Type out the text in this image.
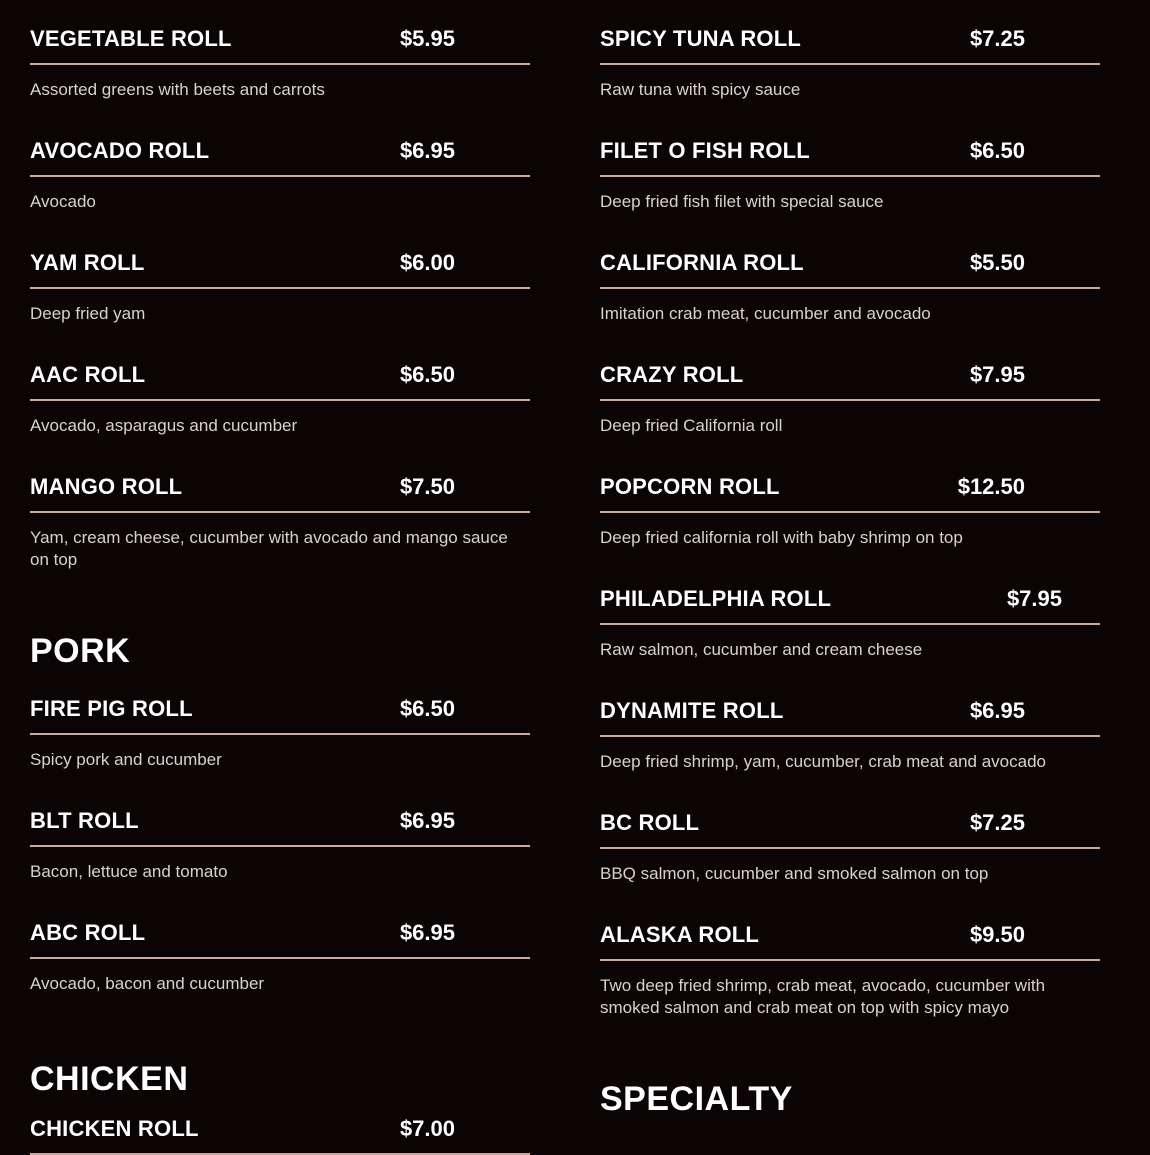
VEGETABLE ROLL	$5.95
Assorted greens with beets and carrots
AVOCADO ROLL	$6.95
Avocado
YAM ROLL	$6.00
Deep fried yam
AAC ROLL	$6.50
Avocado, asparagus and cucumber
MANGO ROLL	$7.50
Yam, cream cheese, cucumber with avocado and mango sauce on top
PORK
FIRE PIG ROLL	$6.50
Spicy pork and cucumber
BLT ROLL	$6.95
Bacon, lettuce and tomato
ABC ROLL	$6.95
Avocado, bacon and cucumber
CHICKEN
CHICKEN ROLL	$7.00
SPICY TUNA ROLL	$7.25
Raw tuna with spicy sauce
FILET O FISH ROLL	$6.50
Deep fried fish filet with special sauce
CALIFORNIA ROLL	$5.50
Imitation crab meat, cucumber and avocado
CRAZY ROLL	$7.95
Deep fried California roll
POPCORN ROLL	$12.50
Deep fried california roll with baby shrimp on top
PHILADELPHIA ROLL	$7.95
Raw salmon, cucumber and cream cheese
DYNAMITE ROLL	$6.95
Deep fried shrimp, yam, cucumber, crab meat and avocado
BC ROLL	$7.25
BBQ salmon, cucumber and smoked salmon on top
ALASKA ROLL	$9.50
Two deep fried shrimp, crab meat, avocado, cucumber with smoked salmon and crab meat on top with spicy mayo
SPECIALTY
